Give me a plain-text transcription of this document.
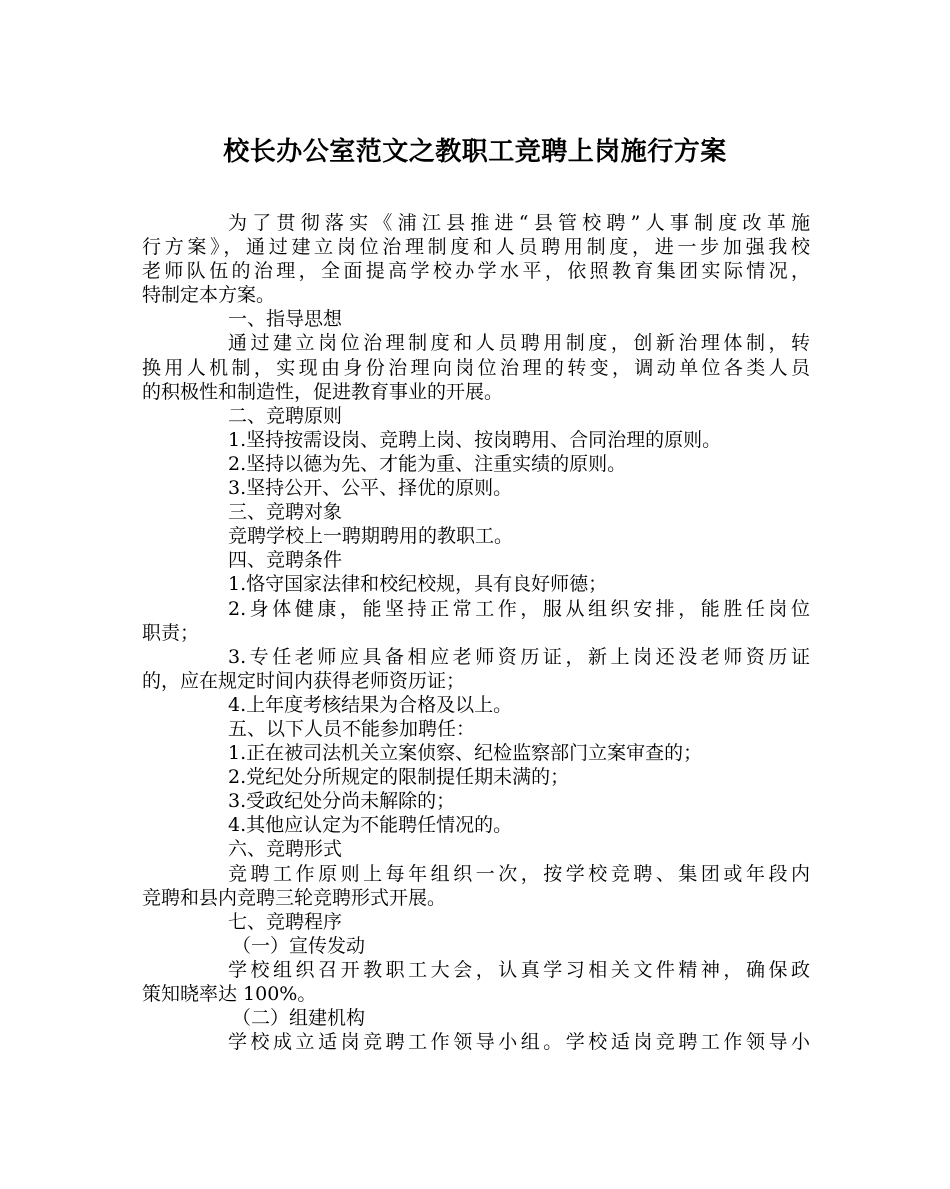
校长办公室范文之教职工竞聘上岗施行方案
为了贯彻落实《浦江县推进“县管校聘”人事制度改革施
行方案》，通过建立岗位治理制度和人员聘用制度，进一步加强我校
老师队伍的治理，全面提高学校办学水平，依照教育集团实际情况，
特制定本方案。
一、指导思想
通过建立岗位治理制度和人员聘用制度，创新治理体制，转
换用人机制，实现由身份治理向岗位治理的转变，调动单位各类人员
的积极性和制造性，促进教育事业的开展。
二、竞聘原则
1.坚持按需设岗、竞聘上岗、按岗聘用、合同治理的原则。
2.坚持以德为先、才能为重、注重实绩的原则。
3.坚持公开、公平、择优的原则。
三、竞聘对象
竞聘学校上一聘期聘用的教职工。
四、竞聘条件
1.恪守国家法律和校纪校规，具有良好师德；
2.身体健康，能坚持正常工作，服从组织安排，能胜任岗位
职责；
3.专任老师应具备相应老师资历证，新上岗还没老师资历证
的，应在规定时间内获得老师资历证；
4.上年度考核结果为合格及以上。
五、以下人员不能参加聘任：
1.正在被司法机关立案侦察、纪检监察部门立案审查的；
2.党纪处分所规定的限制提任期未满的；
3.受政纪处分尚未解除的；
4.其他应认定为不能聘任情况的。
六、竞聘形式
竞聘工作原则上每年组织一次，按学校竞聘、集团或年段内
竞聘和县内竞聘三轮竞聘形式开展。
七、竞聘程序
（一）宣传发动
学校组织召开教职工大会，认真学习相关文件精神，确保政
策知晓率达 100%。
（二）组建机构
学校成立适岗竞聘工作领导小组。学校适岗竞聘工作领导小
